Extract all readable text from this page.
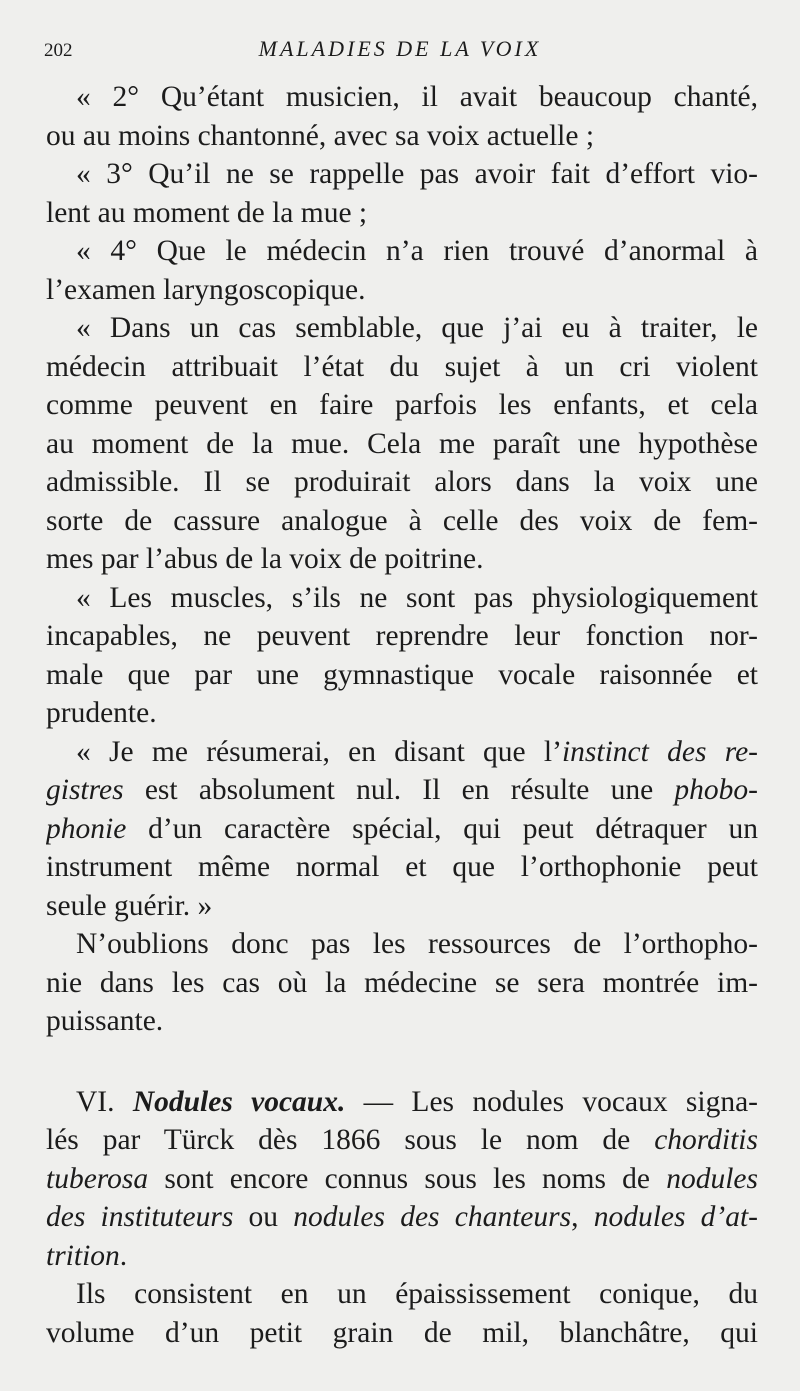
202	MALADIES DE LA VOIX
« 2° Qu’étant musicien, il avait beaucoup chanté,
ou au moins chantonné, avec sa voix actuelle ;
« 3° Qu’il ne se rappelle pas avoir fait d’effort vio-
lent au moment de la mue ;
« 4° Que le médecin n’a rien trouvé d’anormal à
l’examen laryngoscopique.
« Dans un cas semblable, que j’ai eu à traiter, le
médecin attribuait l’état du sujet à un cri violent
comme peuvent en faire parfois les enfants, et cela
au moment de la mue. Cela me paraît une hypothèse
admissible. Il se produirait alors dans la voix une
sorte de cassure analogue à celle des voix de fem-
mes par l’abus de la voix de poitrine.
« Les muscles, s’ils ne sont pas physiologiquement
incapables, ne peuvent reprendre leur fonction nor-
male que par une gymnastique vocale raisonnée et
prudente.
« Je me résumerai, en disant que l’instinct des re-
gistres est absolument nul. Il en résulte une phobo-
phonie d’un caractère spécial, qui peut détraquer un
instrument même normal et que l’orthophonie peut
seule guérir. »
N’oublions donc pas les ressources de l’orthopho-
nie dans les cas où la médecine se sera montrée im-
puissante.
VI. Nodules vocaux. — Les nodules vocaux signa-
lés par Türck dès 1866 sous le nom de chorditis
tuberosa sont encore connus sous les noms de nodules
des instituteurs ou nodules des chanteurs, nodules d’at-
trition.
Ils consistent en un épaississement conique, du
volume d’un petit grain de mil, blanchâtre, qui
